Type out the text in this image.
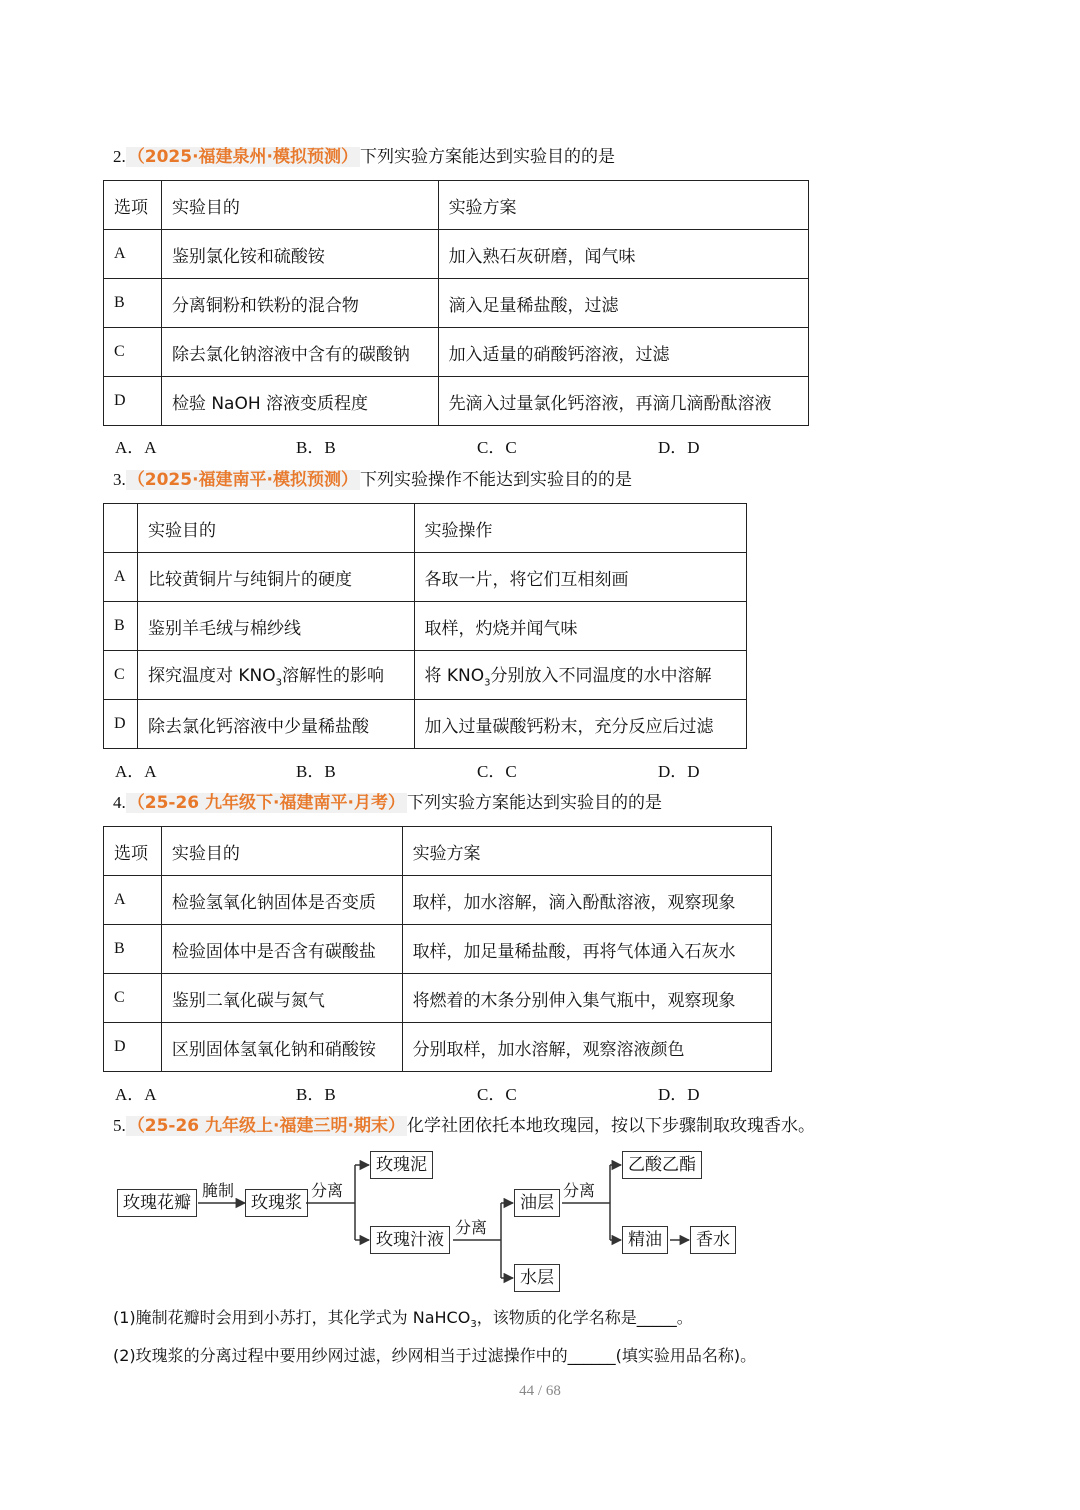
2. （2025·福建泉州·模拟预测） 下列实验方案能达到实验目的的是
选项	实验目的	实验方案
A	鉴别氯化铵和硫酸铵	加入熟石灰研磨，闻气味
B	分离铜粉和铁粉的混合物	滴入足量稀盐酸，过滤
C	除去氯化钠溶液中含有的碳酸钠	加入适量的硝酸钙溶液，过滤
D	检验 NaOH 溶液变质程度	先滴入过量氯化钙溶液，再滴几滴酚酞溶液
A．A	B．B	C．C	D．D
3. （2025·福建南平·模拟预测） 下列实验操作不能达到实验目的的是
	实验目的	实验操作
A	比较黄铜片与纯铜片的硬度	各取一片，将它们互相刻画
B	鉴别羊毛绒与棉纱线	取样，灼烧并闻气味
C	探究温度对 $KNO_3$溶解性的影响	将 $KNO_3$分别放入不同温度的水中溶解
D	除去氯化钙溶液中少量稀盐酸	加入过量碳酸钙粉末，充分反应后过滤
A．A	B．B	C．C	D．D
4. （25-26 九年级下·福建南平·月考） 下列实验方案能达到实验目的的是
选项	实验目的	实验方案
A	检验氢氧化钠固体是否变质	取样，加水溶解，滴入酚酞溶液，观察现象
B	检验固体中是否含有碳酸盐	取样，加足量稀盐酸，再将气体通入石灰水
C	鉴别二氧化碳与氮气	将燃着的木条分别伸入集气瓶中，观察现象
D	区别固体氢氧化钠和硝酸铵	分别取样，加水溶解，观察溶液颜色
A．A	B．B	C．C	D．D
5. （25-26 九年级上·福建三明·期末） 化学社团依托本地玫瑰园，按以下步骤制取玫瑰香水。
玫瑰花瓣
腌制
玫瑰浆
分离
玫瑰泥
玫瑰汁液
分离
油层
水层
分离
乙酸乙酯
精油	香水
(1)腌制花瓣时会用到小苏打，其化学式为 NaHCO$_3$，该物质的化学名称是_____。
(2)玫瑰浆的分离过程中要用纱网过滤，纱网相当于过滤操作中的______(填实验用品名称)。
44 / 68
